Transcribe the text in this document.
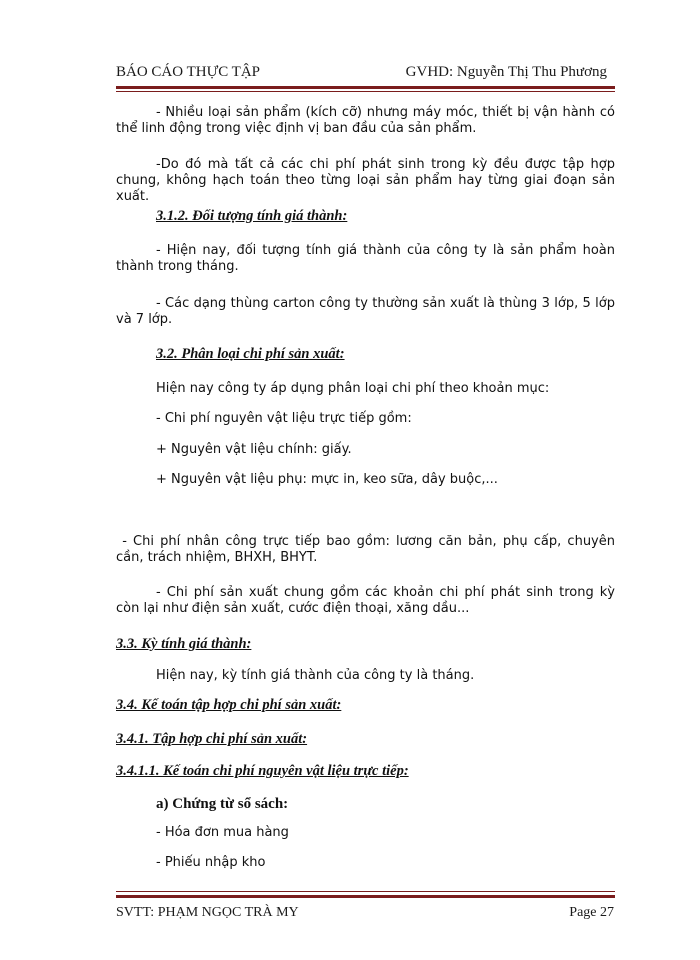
BÁO CÁO THỰC TẬP	GVHD: Nguyễn Thị Thu Phương

- Nhiều loại sản phẩm (kích cỡ) nhưng máy móc, thiết bị vận hành có thể linh động trong việc định vị ban đầu của sản phẩm.

-Do đó mà tất cả các chi phí phát sinh trong kỳ đều được tập hợp chung, không hạch toán theo từng loại sản phẩm hay từng giai đoạn sản xuất.

3.1.2. Đối tượng tính giá thành:

- Hiện nay, đối tượng tính giá thành của công ty là sản phẩm hoàn thành trong tháng.

- Các dạng thùng carton công ty thường sản xuất là thùng 3 lớp, 5 lớp và 7 lớp.

3.2. Phân loại chi phí sản xuất:

Hiện nay công ty áp dụng phân loại chi phí theo khoản mục:

- Chi phí nguyên vật liệu trực tiếp gồm:

+ Nguyên vật liệu chính: giấy.

+ Nguyên vật liệu phụ: mực in, keo sữa, dây buộc,...

- Chi phí nhân công trực tiếp bao gồm: lương căn bản, phụ cấp, chuyên cần, trách nhiệm, BHXH, BHYT.

- Chi phí sản xuất chung gồm các khoản chi phí phát sinh trong kỳ còn lại như điện sản xuất, cước điện thoại, xăng dầu...

3.3. Kỳ tính giá thành:

Hiện nay, kỳ tính giá thành của công ty là tháng.

3.4. Kế toán tập hợp chi phí sản xuất:
3.4.1. Tập hợp chi phí sản xuất:
3.4.1.1. Kế toán chi phí nguyên vật liệu trực tiếp:
a) Chứng từ sổ sách:

- Hóa đơn mua hàng

- Phiếu nhập kho

SVTT: PHẠM NGỌC TRÀ MY	Page 27
